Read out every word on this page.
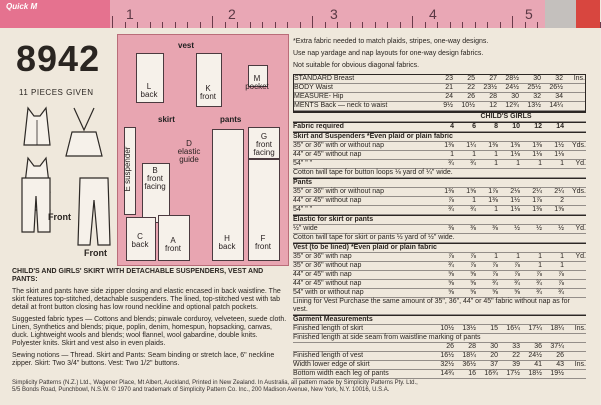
Quick M	1	2	3	4	5
8942
11 PIECES GIVEN
Front
Front
vest
skirt	pants
L
back
K
front
M
pocket
E suspender	B
front
facing
D
elastic
guide
C
back	A
front
G
front
facing
H
back
F
front

CHILD'S AND GIRLS' SKIRT WITH DETACHABLE SUSPENDERS, VEST AND PANTS:

The skirt and pants have side zipper closing and elastic encased in back waistline. The skirt features top-stitched, detachable suspenders. The lined, top-stitched vest with tab detail at front button closing has low round neckline and optional patch pockets.

Suggested fabric types — Cottons and blends; pinwale corduroy, velveteen, suede cloth. Linen, Synthetics and blends; pique, poplin, denim, homespun, hopsacking, canvas, duck. Lightweight wools and blends; wool flannel, wool gabardine, double knits. Polyester knits. Skirt and vest also in even plaids.

Sewing notions — Thread. Skirt and Pants: Seam binding or stretch lace, 6" neckline zipper. Skirt: Two 3/4" buttons. Vest: Two 1/2" buttons.

*Extra fabric needed to match plaids, stripes, one-way designs.
Use nap yardage and nap layouts for one-way design fabrics.
Not suitable for obvious diagonal fabrics.
STANDARD Breast	23	25	27	28½	30	32	Ins.
BODY Waist	21	22	23½	24½	25½	26½
MEASURE- Hip	24	26	28	30	32	34
MENTS Back — neck to waist	9½	10½	12	12¾	13½	14¼
CHILD'S GIRLS
Fabric required	4	6	8	10	12	14
Skirt and Suspenders *Even plaid or plain fabric
35" or 36" with or without nap	1⅜	1¼	1⅜	1⅜	1⅜	1½	Yds.
44" or 45" without nap	1	1	1	1⅛	1⅛	1⅛
54" " "	¾	¾	1	1	1	1	Yd.
Cotton twill tape for button loops ⅛ yard of ¼" wide.
Pants
35" or 36" with or without nap	1⅜	1⅝	1⅞	2⅛	2¼	2¼	Yds.
44" or 45" without nap	⅞	1	1⅜	1½	1⅞	2
54" " "	¾	¾	1	1⅛	1⅜	1⅝
Elastic for skirt or pants
½" wide	⅜	⅜	⅜	½	½	½	Yd.
Cotton twill tape for skirt or pants ½ yard of ½" wide.
Vest (to be lined) *Even plaid or plain fabric
35" or 36" with nap	⅞	⅞	1	1	1	1	Yd.
35" or 36" without nap	¾	⅞	⅞	⅞	1	1
44" or 45" with nap	⅝	⅝	⅞	⅞	⅞	⅞
44" or 45" without nap	⅝	⅝	¾	¾	¾	⅞
54" with or without nap	⅝	⅝	⅝	⅝	¾	¾
Lining for Vest Purchase the same amount of 35", 36", 44" or 45" fabric without nap as for vest.
Garment Measurements
Finished length of skirt	10½	13½	15	16¼	17¼	18¼	Ins.
Finished length at side seam from waistline marking of pants
26	28	30	33	36	37¼
Finished length of vest	16½	18¼	20	22	24½	26
Width lower edge of skirt	32½	36½	37	39	41	43	Ins.
Bottom width each leg of pants	14¾	16	16¾	17½	18½	19½
Simplicity Patterns (N.Z.) Ltd., Wagener Place, Mt Albert, Auckland, Printed in New Zealand. In Australia, all pattern made by Simplicity Patterns Pty. Ltd.,
5/5 Bonds Road, Punchbowl, N.S.W. © 1970 and trademark of Simplicity Pattern Co. Inc., 200 Madison Avenue, New York, N.Y. 10016, U.S.A.
